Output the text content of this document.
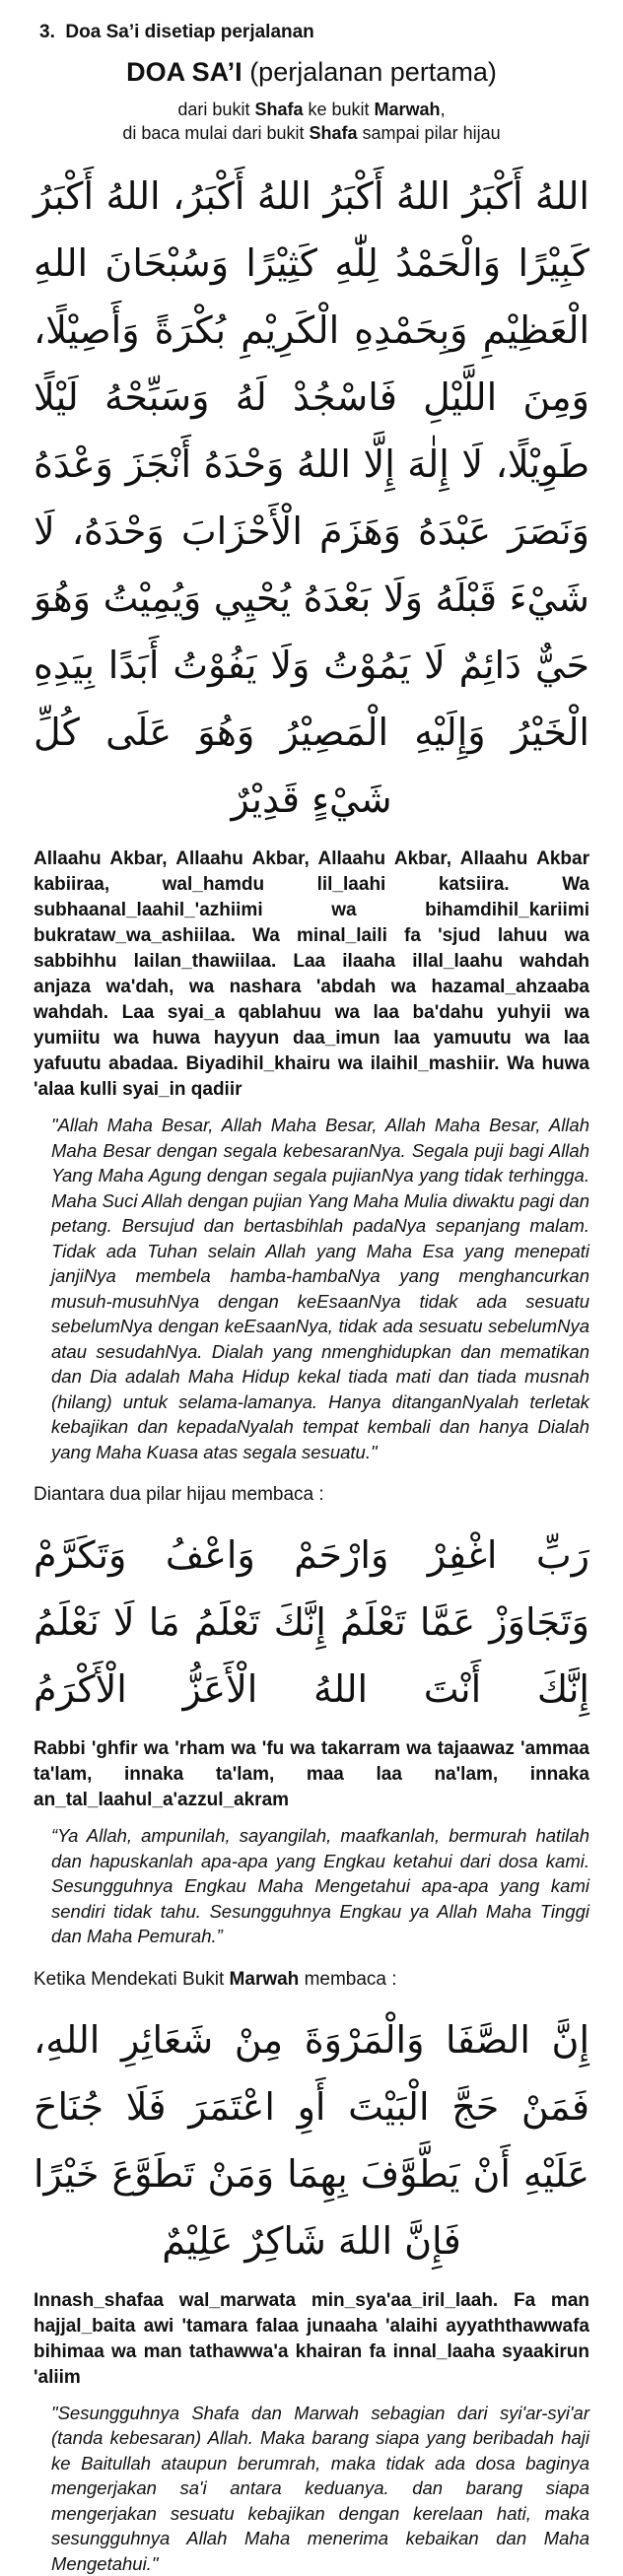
3. Doa Sa’i disetiap perjalanan
DOA SA’I (perjalanan pertama)
dari bukit Shafa ke bukit Marwah,
di baca mulai dari bukit Shafa sampai pilar hijau
اللهُ أَكْبَرُ اللهُ أَكْبَرُ اللهُ أَكْبَرُ، اللهُ أَكْبَرُ كَبِيْرًا وَالْحَمْدُ لِلّٰهِ كَثِيْرًا وَسُبْحَانَ اللهِ الْعَظِيْمِ وَبِحَمْدِهِ الْكَرِيْمِ بُكْرَةً وَأَصِيْلًا، وَمِنَ اللَّيْلِ فَاسْجُدْ لَهُ وَسَبِّحْهُ لَيْلًا طَوِيْلًا، لَا إِلٰهَ إِلَّا اللهُ وَحْدَهُ أَنْجَزَ وَعْدَهُ وَنَصَرَ عَبْدَهُ وَهَزَمَ الْأَحْزَابَ وَحْدَهُ، لَا شَيْءَ قَبْلَهُ وَلَا بَعْدَهُ يُحْيِي وَيُمِيْتُ وَهُوَ حَيٌّ دَائِمٌ لَا يَمُوْتُ وَلَا يَفُوْتُ أَبَدًا بِيَدِهِ الْخَيْرُ وَإِلَيْهِ الْمَصِيْرُ وَهُوَ عَلَى كُلِّ شَيْءٍ قَدِيْرٌ
Allaahu Akbar, Allaahu Akbar, Allaahu Akbar, Allaahu Akbar kabiiraa, wal_hamdu lil_laahi katsiira. Wa subhaanal_laahil_'azhiimi wa bihamdihil_kariimi bukrataw_wa_ashiilaa. Wa minal_laili fa 'sjud lahuu wa sabbihhu lailan_thawiilaa. Laa ilaaha illal_laahu wahdah anjaza wa'dah, wa nashara 'abdah wa hazamal_ahzaaba wahdah. Laa syai_a qablahuu wa laa ba'dahu yuhyii wa yumiitu wa huwa hayyun daa_imun laa yamuutu wa laa yafuutu abadaa. Biyadihil_khairu wa ilaihil_mashiir. Wa huwa 'alaa kulli syai_in qadiir
"Allah Maha Besar, Allah Maha Besar, Allah Maha Besar, Allah Maha Besar dengan segala kebesaranNya. Segala puji bagi Allah Yang Maha Agung dengan segala pujianNya yang tidak terhingga. Maha Suci Allah dengan pujian Yang Maha Mulia diwaktu pagi dan petang. Bersujud dan bertasbihlah padaNya sepanjang malam. Tidak ada Tuhan selain Allah yang Maha Esa yang menepati janjiNya membela hamba-hambaNya yang menghancurkan musuh-musuhNya dengan keEsaanNya tidak ada sesuatu sebelumNya dengan keEsaanNya, tidak ada sesuatu sebelumNya atau sesudahNya. Dialah yang nmenghidupkan dan mematikan dan Dia adalah Maha Hidup kekal tiada mati dan tiada musnah (hilang) untuk selama-lamanya. Hanya ditanganNyalah terletak kebajikan dan kepadaNyalah tempat kembali dan hanya Dialah yang Maha Kuasa atas segala sesuatu."
Diantara dua pilar hijau membaca :
رَبِّ اغْفِرْ وَارْحَمْ وَاعْفُ وَتَكَرَّمْ وَتَجَاوَزْ عَمَّا تَعْلَمُ إِنَّكَ تَعْلَمُ مَا لَا نَعْلَمُ إِنَّكَ أَنْتَ اللهُ الْأَعَزُّ الْأَكْرَمُ
Rabbi 'ghfir wa 'rham wa 'fu wa takarram wa tajaawaz 'ammaa ta'lam, innaka ta'lam, maa laa na'lam, innaka an_tal_laahul_a'azzul_akram
“Ya Allah, ampunilah, sayangilah, maafkanlah, bermurah hatilah dan hapuskanlah apa-apa yang Engkau ketahui dari dosa kami. Sesungguhnya Engkau Maha Mengetahui apa-apa yang kami sendiri tidak tahu. Sesungguhnya Engkau ya Allah Maha Tinggi dan Maha Pemurah.”
Ketika Mendekati Bukit Marwah membaca :
إِنَّ الصَّفَا وَالْمَرْوَةَ مِنْ شَعَائِرِ اللهِ، فَمَنْ حَجَّ الْبَيْتَ أَوِ اعْتَمَرَ فَلَا جُنَاحَ عَلَيْهِ أَنْ يَطَّوَّفَ بِهِمَا وَمَنْ تَطَوَّعَ خَيْرًا فَإِنَّ اللهَ شَاكِرٌ عَلِيْمٌ
Innash_shafaa wal_marwata min_sya'aa_iril_laah. Fa man hajjal_baita awi 'tamara falaa junaaha 'alaihi ayyaththawwafa bihimaa wa man tathawwa'a khairan fa innal_laaha syaakirun 'aliim
"Sesungguhnya Shafa dan Marwah sebagian dari syi'ar-syi'ar (tanda kebesaran) Allah. Maka barang siapa yang beribadah haji ke Baitullah ataupun berumrah, maka tidak ada dosa baginya mengerjakan sa'i antara keduanya. dan barang siapa mengerjakan sesuatu kebajikan dengan kerelaan hati, maka sesungguhnya Allah Maha menerima kebaikan dan Maha Mengetahui."
